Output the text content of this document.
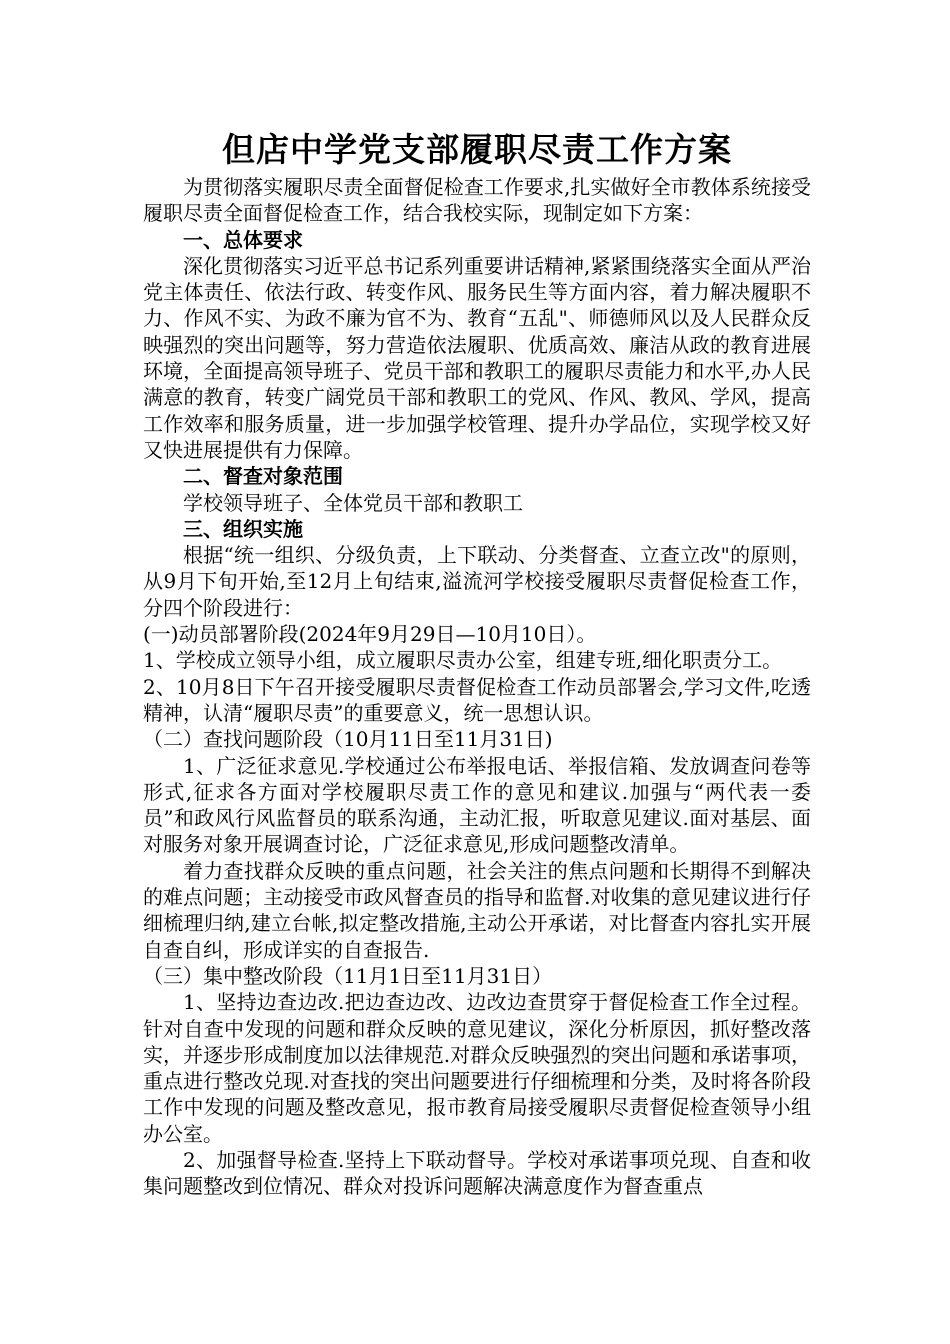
但店中学党支部履职尽责工作方案

为贯彻落实履职尽责全面督促检查工作要求,扎实做好全市教体系统接受履职尽责全面督促检查工作，结合我校实际，现制定如下方案：

一、总体要求

深化贯彻落实习近平总书记系列重要讲话精神,紧紧围绕落实全面从严治党主体责任、依法行政、转变作风、服务民生等方面内容，着力解决履职不力、作风不实、为政不廉为官不为、教育“五乱"、师德师风以及人民群众反映强烈的突出问题等，努力营造依法履职、优质高效、廉洁从政的教育进展环境，全面提高领导班子、党员干部和教职工的履职尽责能力和水平,办人民满意的教育，转变广阔党员干部和教职工的党风、作风、教风、学风，提高工作效率和服务质量，进一步加强学校管理、提升办学品位，实现学校又好又快进展提供有力保障。

二、督查对象范围

学校领导班子、全体党员干部和教职工

三、组织实施

根据“统一组织、分级负责，上下联动、分类督查、立查立改"的原则，从9月下旬开始,至12月上旬结束,溢流河学校接受履职尽责督促检查工作，分四个阶段进行：

(一)动员部署阶段(2024年9月29日—10月10日）。

1、学校成立领导小组，成立履职尽责办公室，组建专班,细化职责分工。

2、10月8日下午召开接受履职尽责督促检查工作动员部署会,学习文件,吃透精神，认清“履职尽责”的重要意义，统一思想认识。

（二）查找问题阶段（10月11日至11月31日)

1、广泛征求意见.学校通过公布举报电话、举报信箱、发放调查问卷等形式,征求各方面对学校履职尽责工作的意见和建议.加强与“两代表一委员”和政风行风监督员的联系沟通，主动汇报，听取意见建议.面对基层、面对服务对象开展调查讨论，广泛征求意见,形成问题整改清单。

着力查找群众反映的重点问题，社会关注的焦点问题和长期得不到解决的难点问题；主动接受市政风督查员的指导和监督.对收集的意见建议进行仔细梳理归纳,建立台帐,拟定整改措施,主动公开承诺，对比督查内容扎实开展自查自纠，形成详实的自查报告.

（三）集中整改阶段（11月1日至11月31日）

1、坚持边查边改.把边查边改、边改边查贯穿于督促检查工作全过程。针对自查中发现的问题和群众反映的意见建议，深化分析原因，抓好整改落实，并逐步形成制度加以法律规范.对群众反映强烈的突出问题和承诺事项，重点进行整改兑现.对查找的突出问题要进行仔细梳理和分类，及时将各阶段工作中发现的问题及整改意见，报市教育局接受履职尽责督促检查领导小组办公室。

2、加强督导检查.坚持上下联动督导。学校对承诺事项兑现、自查和收集问题整改到位情况、群众对投诉问题解决满意度作为督查重点
